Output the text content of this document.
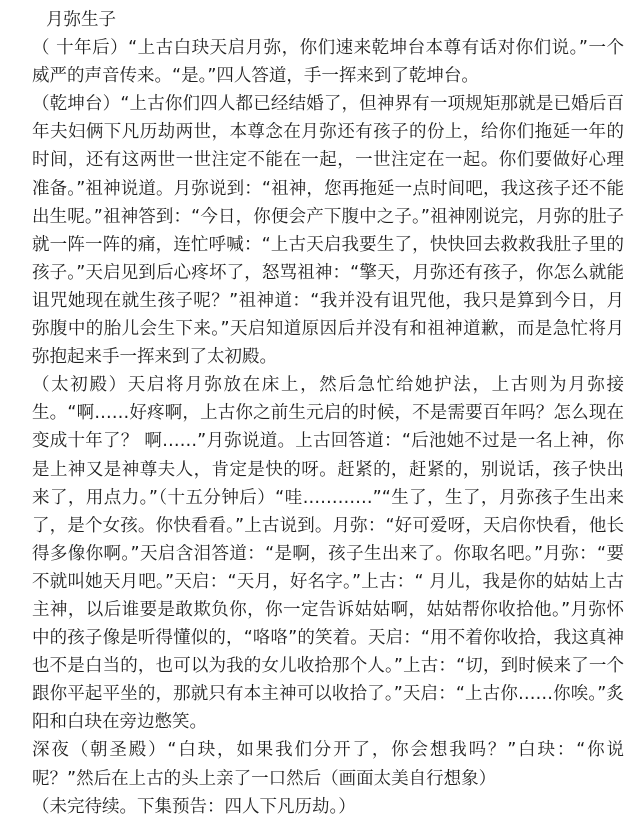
月弥生子

（ 十年后）“上古白玦天启月弥，你们速来乾坤台本尊有话对你们说。”一个威严的声音传来。“是。”四人答道，手一挥来到了乾坤台。

（乾坤台）“上古你们四人都已经结婚了，但神界有一项规矩那就是已婚后百年夫妇俩下凡历劫两世，本尊念在月弥还有孩子的份上，给你们拖延一年的时间，还有这两世一世注定不能在一起，一世注定在一起。你们要做好心理准备。”祖神说道。月弥说到：“祖神，您再拖延一点时间吧，我这孩子还不能出生呢。”祖神答到：“今日，你便会产下腹中之子。”祖神刚说完，月弥的肚子就一阵一阵的痛，连忙呼喊：“上古天启我要生了，快快回去救救我肚子里的孩子。”天启见到后心疼坏了，怒骂祖神：“擎天，月弥还有孩子，你怎么就能诅咒她现在就生孩子呢？”祖神道：“我并没有诅咒他，我只是算到今日，月弥腹中的胎儿会生下来。”天启知道原因后并没有和祖神道歉，而是急忙将月弥抱起来手一挥来到了太初殿。

（太初殿）天启将月弥放在床上，然后急忙给她护法，上古则为月弥接生。“啊……好疼啊，上古你之前生元启的时候，不是需要百年吗？怎么现在变成十年了？ 啊……”月弥说道。上古回答道：“后池她不过是一名上神，你是上神又是神尊夫人，肯定是快的呀。赶紧的，赶紧的，别说话，孩子快出来了，用点力。”（十五分钟后）“哇…………”“生了，生了，月弥孩子生出来了，是个女孩。你快看看。”上古说到。月弥：“好可爱呀，天启你快看，他长得多像你啊。”天启含泪答道：“是啊，孩子生出来了。你取名吧。”月弥：“要不就叫她天月吧。”天启：“天月，好名字。”上古：“ 月儿，我是你的姑姑上古主神，以后谁要是敢欺负你，你一定告诉姑姑啊，姑姑帮你收拾他。”月弥怀中的孩子像是听得懂似的，“咯咯”的笑着。天启：“用不着你收拾，我这真神也不是白当的，也可以为我的女儿收拾那个人。”上古：“切，到时候来了一个跟你平起平坐的，那就只有本主神可以收拾了。”天启：“上古你……你唉。”炙阳和白玦在旁边憋笑。

深夜（朝圣殿）“白玦，如果我们分开了，你会想我吗？”白玦：“你说呢？”然后在上古的头上亲了一口然后（画面太美自行想象）

（未完待续。下集预告：四人下凡历劫。）
